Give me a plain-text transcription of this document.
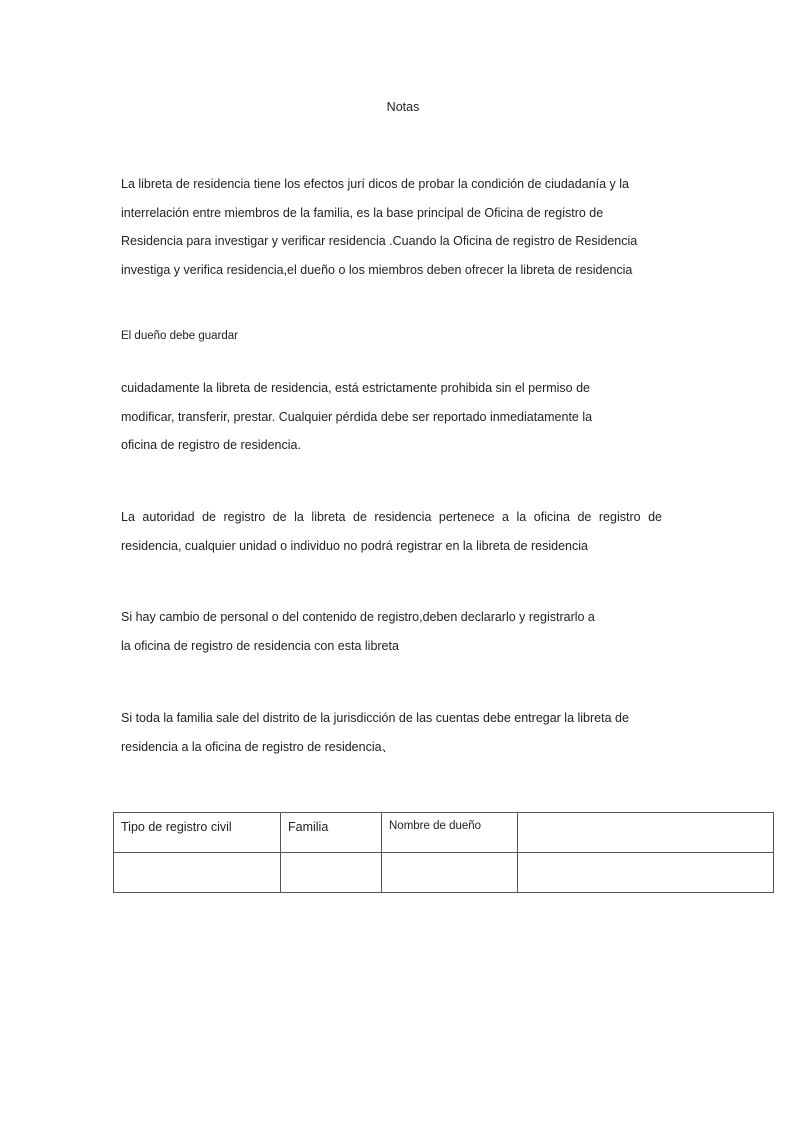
Notas
La libreta de residencia tiene los efectos jurí dicos de probar la condición de ciudadanía y la
interrelación entre miembros de la familia, es la base principal de Oficina de registro de
Residencia para investigar y verificar residencia .Cuando la Oficina de registro de Residencia
investiga y verifica residencia,el dueño o los miembros deben ofrecer la libreta de residencia
El dueño debe guardar
cuidadamente la libreta de residencia, está estrictamente prohibida sin el permiso de
modificar, transferir, prestar. Cualquier pérdida debe ser reportado inmediatamente la
oficina de registro de residencia.
La autoridad de registro de la libreta de residencia pertenece a la oficina de registro de
residencia, cualquier unidad o individuo no podrá registrar en la libreta de residencia
Si hay cambio de personal o del contenido de registro,deben declararlo y registrarlo a
la oficina de registro de residencia con esta libreta
Si toda la familia sale del distrito de la jurisdicción de las cuentas debe entregar la libreta de
residencia a la oficina de registro de residencia、
Tipo de registro civil	Familia	Nombre de dueño	
